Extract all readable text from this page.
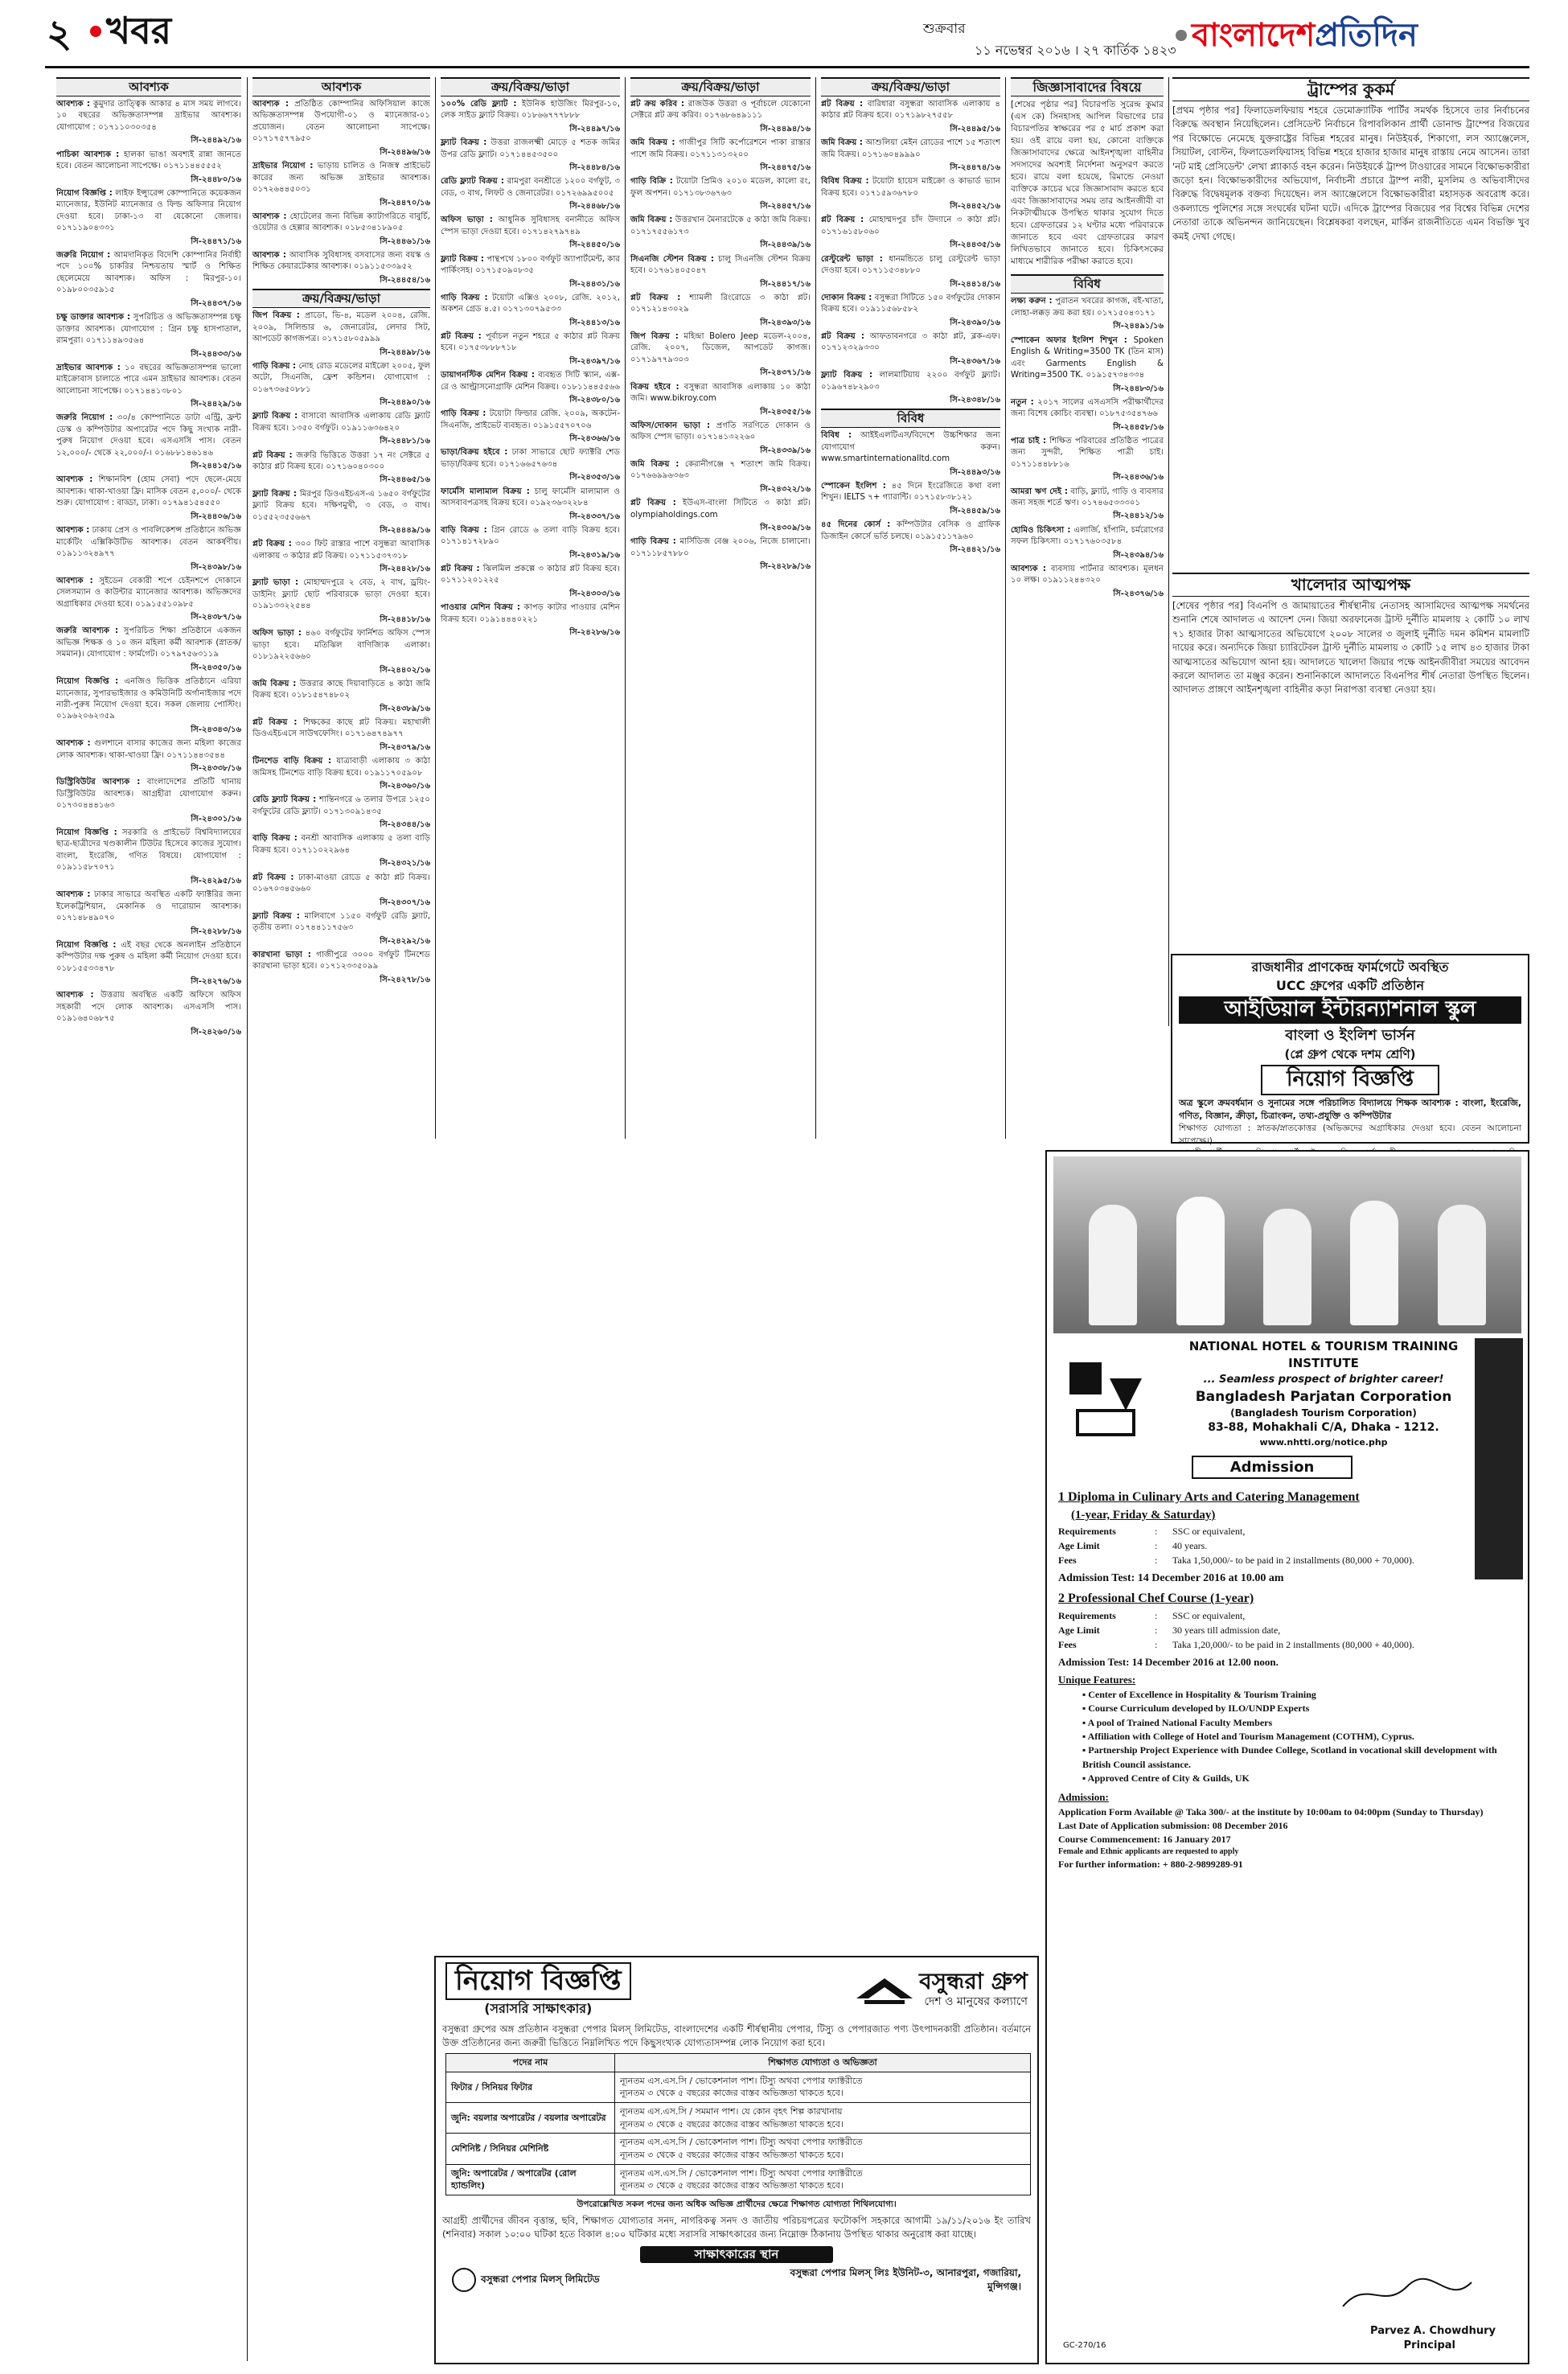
২ খবর	শুক্রবার
১১ নভেম্বর ২০১৬ । ২৭ কার্তিক ১৪২৩ বাংলাদেশপ্রতিদিন
আবশ্যক
আবশ্যক : কুমুদার তাত্ত্বিক আকার ৪ মাস সময় লাগবে। ১০ বছরের অভিজ্ঞতাসম্পন্ন দ্রাইভার আবশ্যক। যোগাযোগ : ০১৭১১০৩০৩৫৪
সি-২৪৪৯২/১৬
পাচিকা আবশ্যক : হালকা ভাঙা অবশ্যই রান্না জানতে হবে। বেতন আলোচনা সাপেক্ষে। ০১৭১১৪৪৫৫৫২
সি-২৪৪৮০/১৬
নিয়োগ বিজ্ঞপ্তি : লাইফ ইন্স্যুরেন্স কোম্পানিতে কয়েকজন ম্যানেজার, ইউনিট ম্যানেজার ও ফিল্ড অফিসার নিয়োগ দেওয়া হবে। ঢাকা-১৩ বা যেকোনো জেলায়। ০১৭১১৯০৪৩৩১
সি-২৪৪৭১/১৬
জরুরি নিয়োগ : আমদানিকৃত বিদেশি কোম্পানির নির্বাহী পদে ১০০% চাকরির নিশ্চয়তায় স্মার্ট ও শিক্ষিত ছেলেমেয়ে আবশ্যক। অফিস : মিরপুর-১০। ০১৯৮০০৩৫৯১৫
সি-২৪৪৩৭/১৬
চক্ষু ডাক্তার আবশ্যক : সুপরিচিত ও অভিজ্ঞতাসম্পন্ন চক্ষু ডাক্তার আবশ্যক। যোগাযোগ : গ্রিন চক্ষু হাসপাতাল, রামপুরা। ০১৭১১৪৯৩৫৬৪
সি-২৪৪৩৩/১৬
দ্রাইভার আবশ্যক : ১০ বছরের অভিজ্ঞতাসম্পন্ন ভালো মাইক্রোবাস চালাতে পারে এমন দ্রাইভার আবশ্যক। বেতন আলোচনা সাপেক্ষে। ০১৭১৪৪১৩৮০১
সি-২৪৪২৯/১৬
জরুরি নিয়োগ : ৩০/৪ কোম্পানিতে ডাটা এন্ট্রি, ফ্রন্ট ডেস্ক ও কম্পিউটার অপারেটর পদে কিছু সংখ্যক নারী-পুরুষ নিয়োগ দেওয়া হবে। এসএসসি পাস। বেতন ১২,০০০/- থেকে ২২,০০০/-। ০১৬৮৮১৪৬১৪৬
সি-২৪৪১৫/১৬
আবশ্যক : শিক্ষানবিশ (হোম সেবা) পদে ছেলে-মেয়ে আবশ্যক। থাকা-খাওয়া ফ্রি। মাসিক বেতন ৫,০০০/- থেকে শুরু। যোগাযোগ : বাড্ডা, ঢাকা। ০১৭৯৪১৫৪৫৫০
সি-২৪৪০৬/১৬
আবশ্যক : ঢাকায় প্রেস ও পাবলিকেশন্স প্রতিষ্ঠানে অভিজ্ঞ মার্কেটিং এক্সিকিউটিভ আবশ্যক। বেতন আকর্ষণীয়। ০১৯১১৩২৪৯৭৭
সি-২৪৩৯৮/১৬
আবশ্যক : সুইডেন বেকারী শপে চেইনশপে দোকানে সেলসম্যান ও কাউন্টার ম্যানেজার আবশ্যক। অভিজ্ঞদের অগ্রাধিকার দেওয়া হবে। ০১৯১৫৫১০৯৮৫
সি-২৪৩৮৭/১৬
জরুরি আবশ্যক : সুপরিচিত শিক্ষা প্রতিষ্ঠানে একজন অভিজ্ঞ শিক্ষক ও ১০ জন মহিলা কর্মী আবশ্যক (স্নাতক/সমমান)। যোগাযোগ : ফার্মগেট। ০১৭৯৭৫৬৩১১৯
সি-২৪৩৫০/১৬
নিয়োগ বিজ্ঞপ্তি : এনজিও ভিত্তিক প্রতিষ্ঠানে এরিয়া ম্যানেজার, সুপারভাইজার ও কমিউনিটি অর্গানাইজার পদে নারী-পুরুষ নিয়োগ দেওয়া হবে। সকল জেলায় পোস্টিং। ০১৯৬২০৬২৩৫৯
সি-২৪৩৪৩/১৬
আবশ্যক : গুলশানে বাসার কাজের জন্য মহিলা কাজের লোক আবশ্যক। থাকা-খাওয়া ফ্রি। ০১৭১১৪৪৩৫৪৪
সি-২৪৩৩৮/১৬
ডিস্ট্রিবিউটর আবশ্যক : বাংলাদেশের প্রতিটি থানায় ডিস্ট্রিবিউটর আবশ্যক। আগ্রহীরা যোগাযোগ করুন। ০১৭৩০৪৪৪১৬৩
সি-২৪৩০১/১৬
নিয়োগ বিজ্ঞপ্তি : সরকারি ও প্রাইভেট বিশ্ববিদ্যালয়ের ছাত্র-ছাত্রীদের খণ্ডকালীন টিউটর হিসেবে কাজের সুযোগ। বাংলা, ইংরেজি, গণিত বিষয়ে। যোগাযোগ : ০১৯১১৫৮৭০৭১
সি-২৪২৯৫/১৬
আবশ্যক : ঢাকার সাভারে অবস্থিত একটি ফ্যাক্টরির জন্য ইলেকট্রিশিয়ান, মেকানিক ও দারোয়ান আবশ্যক। ০১৭১৪৮৪৯০৭০
সি-২৪২৮৮/১৬
নিয়োগ বিজ্ঞপ্তি : এই বছর থেকে অনলাইন প্রতিষ্ঠানে কম্পিউটার দক্ষ পুরুষ ও মহিলা কর্মী নিয়োগ দেওয়া হবে। ০১৮১৫৫৩৩৪৭৮
সি-২৪২৭৬/১৬
আবশ্যক : উত্তরায় অবস্থিত একটি অফিসে অফিস সহকারী পদে লোক আবশ্যক। এসএসসি পাস। ০১৯১৬৪০৬৮৭৫
সি-২৪২৬০/১৬
আবশ্যক
আবশ্যক : প্রতিষ্ঠিত কোম্পানির অফিসিয়াল কাজে অভিজ্ঞতাসম্পন্ন উপযোগী-০১ ও ম্যানেজার-০১ প্রয়োজন। বেতন আলোচনা সাপেক্ষে। ০১৭১৭৫৭৭৯৫০
সি-২৪৪৯৬/১৬
দ্রাইভার নিয়োগ : ভাড়ায় চালিত ও নিজস্ব প্রাইভেট কারের জন্য অভিজ্ঞ দ্রাইভার আবশ্যক। ০১৭২৬৪৪৫০৩১
সি-২৪৪৭০/১৬
আবশ্যক : হোটেলের জন্য বিভিন্ন ক্যাটাগরিতে বাবুর্চি, ওয়েটার ও হেল্পার আবশ্যক। ০১৮৫৩৪১৮৯০৫
সি-২৪৪৬১/১৬
আবশ্যক : আবাসিক সুবিধাসহ বসবাসের জন্য বয়স্ক ও শিক্ষিত কেয়ারটেকার আবশ্যক। ০১৯১১৫৩৩৯৫২
সি-২৪৪৫৪/১৬
ক্রয়/বিক্রয়/ভাড়া
জিপ বিক্রয় : প্রাডো, ভি-৪, মডেল ২০০৪, রেজি. ২০০৯, সিলিন্ডার ৬, জেনারেটর, লেদার সিট, আপডেট কাগজপত্র। ০১৭১৫৮০৫৯৯৯
সি-২৪৪৯৮/১৬
গাড়ি বিক্রয় : নোহ রোড মডেলের মাইক্রো ২০০৫, ফুল অটো, সিএনজি, ফ্রেশ কন্ডিশন। যোগাযোগ : ০১৬৭৩৬৫০৮৮১
সি-২৪৪৯০/১৬
ফ্ল্যাট বিক্রয় : বাসাবো আবাসিক এলাকায় রেডি ফ্ল্যাট বিক্রয় হবে। ১৩৫০ বর্গফুট। ০১৯১১৬৩৬৪২০
সি-২৪৪৮১/১৬
প্লট বিক্রয় : জরুরি ভিত্তিতে উত্তরা ১৭ নং সেক্টরে ৫ কাঠার প্লট বিক্রয় হবে। ০১৭১৬০৪০৩০০
সি-২৪৪৬৫/১৬
ফ্ল্যাট বিক্রয় : মিরপুর ডিওএইচএস-এ ১৬৫০ বর্গফুটের ফ্ল্যাট বিক্রয় হবে। দক্ষিণমুখী, ৩ বেড, ৩ বাথ। ০১৫৫২৩৫৫৬৬৭
সি-২৪৪৪৯/১৬
প্লট বিক্রয় : ৩০০ ফিট রাস্তার পাশে বসুন্ধরা আবাসিক এলাকায় ৩ কাঠার প্লট বিক্রয়। ০১৭১১৫৩৭৩১৮
সি-২৪৪২৮/১৬
ফ্ল্যাট ভাড়া : মোহাম্মদপুরে ২ বেড, ২ বাথ, ড্রয়িং-ডাইনিং ফ্ল্যাট ছোট পরিবারকে ভাড়া দেওয়া হবে। ০১৯১৩৩২২৫৪৪
সি-২৪৪১৮/১৬
অফিস ভাড়া : ৪৬০ বর্গফুটের ফার্নিশড অফিস স্পেস ভাড়া হবে। মতিঝিল বাণিজ্যিক এলাকা। ০১৮১৯২২৫৬৬০
সি-২৪৪০২/১৬
জমি বিক্রয় : উত্তরার কাছে দিয়াবাড়িতে ৪ কাঠা জমি বিক্রয় হবে। ০১৮১৫৪৭৪৮০২
সি-২৪৩৮৯/১৬
প্লট বিক্রয় : শিক্ষকের কাছে প্লট বিক্রয়। মহাখালী ডিওএইচএসে সাউথফেসিং। ০১৭১৬৪৭৪৯৭৭
সি-২৪৩৭৯/১৬
টিনশেড বাড়ি বিক্রয় : যাত্রাবাড়ী এলাকায় ৩ কাঠা জমিসহ টিনশেড বাড়ি বিক্রয় হবে। ০১৯১১৭০৫৯০৮
সি-২৪৩৬০/১৬
রেডি ফ্ল্যাট বিক্রয় : শান্তিনগরে ৬ তলার উপরে ১২৫০ বর্গফুটের রেডি ফ্ল্যাট। ০১৭১৩০৯১৪৩৫
সি-২৪৩৪৪/১৬
বাড়ি বিক্রয় : বনশ্রী আবাসিক এলাকায় ৫ তলা বাড়ি বিক্রয় হবে। ০১৭১১০২২৯৬৪
সি-২৪৩২১/১৬
প্লট বিক্রয় : ঢাকা-মাওয়া রোডে ৫ কাঠা প্লট বিক্রয়। ০১৬৭০৩৪৫৬৬০
সি-২৪৩০৭/১৬
ফ্ল্যাট বিক্রয় : মালিবাগে ১১৫০ বর্গফুট রেডি ফ্ল্যাট, তৃতীয় তলা। ০১৭৪৪১১৭৫৬৩
সি-২৪২৯২/১৬
কারখানা ভাড়া : গাজীপুরে ৩০০০ বর্গফুট টিনশেড কারখানা ভাড়া হবে। ০১৭১২৩৩৫০৯৯
সি-২৪২৭৮/১৬
ক্রয়/বিক্রয়/ভাড়া
১০০% রেডি ফ্ল্যাট : ইউনিক হাউজিং মিরপুর-১০, লেক সাইড ফ্ল্যাট বিক্রয়। ০১৮৬৬৭৭৭৮৮৮
সি-২৪৪৯৭/১৬
ফ্ল্যাট বিক্রয় : উত্তরা রাজলক্ষ্মী মোড়ে ৫ শতক জমির উপর রেডি ফ্ল্যাট। ০১৭১৪৪৫৩৫০০
সি-২৪৪৮৪/১৬
রেডি ফ্ল্যাট বিক্রয় : রামপুরা বনশ্রীতে ১২০০ বর্গফুট, ৩ বেড, ৩ বাথ, লিফট ও জেনারেটর। ০১৭২৬৯৯৫০০৫
সি-২৪৪৬৮/১৬
অফিস ভাড়া : আধুনিক সুবিধাসহ বনানীতে অফিস স্পেস ভাড়া দেওয়া হবে। ০১৭১৪২৭৯৭৪৯
সি-২৪৪৫০/১৬
ফ্ল্যাট বিক্রয় : পান্থপথে ১৮০০ বর্গফুট অ্যাপার্টমেন্ট, কার পার্কিংসহ। ০১৭১৫০৯০৮৩৫
সি-২৪৪৩১/১৬
গাড়ি বিক্রয় : টয়োটা এক্সিও ২০০৮, রেজি. ২০১২, অকশন গ্রেড ৪.৫। ০১৭১৩০৭৯৫৩৩
সি-২৪৪১৩/১৬
প্লট বিক্রয় : পূর্বাচল নতুন শহরে ৫ কাঠার প্লট বিক্রয় হবে। ০১৭৫৩৮৮৮৭১৮
সি-২৪৩৯৭/১৬
ডায়াগনস্টিক মেশিন বিক্রয় : ব্যবহৃত সিটি স্ক্যান, এক্স-রে ও আল্ট্রাসনোগ্রাফি মেশিন বিক্রয়। ০১৮১১৪৪৫৫৬৬
সি-২৪৩৮০/১৬
গাড়ি বিক্রয় : টয়োটা ফিল্ডার রেজি. ২০০৯, অকটেন-সিএনজি, প্রাইভেট ব্যবহৃত। ০১৯১৫৫৭০৭০৬
সি-২৪৩৬৬/১৬
ভাড়া/বিক্রয় হইবে : ঢাকা সাভারে ছোট ফ্যাক্টরি শেড ভাড়া/বিক্রয় হবে। ০১৭১৬৬৫৭৬৩৪
সি-২৪৩৫৩/১৬
ফার্মেসি মালামাল বিক্রয় : চালু ফার্মেসি মালামাল ও আসবাবপত্রসহ বিক্রয় হবে। ০১৯২৩৬৩২২৮৪
সি-২৪৩৩৭/১৬
বাড়ি বিক্রয় : গ্রিন রোডে ৬ তলা বাড়ি বিক্রয় হবে। ০১৭১৪১৭২৮৯০
সি-২৪৩১৯/১৬
প্লট বিক্রয় : ঝিলমিল প্রকল্পে ৩ কাঠার প্লট বিক্রয় হবে। ০১৭১১২০১২২৫
সি-২৪৩০৩/১৬
পাওয়ার মেশিন বিক্রয় : কাপড় কাটার পাওয়ার মেশিন বিক্রয় হবে। ০১৯১৪৪৪০২২১
সি-২৪২৮৬/১৬
ক্রয়/বিক্রয়/ভাড়া
প্লট ক্রয় করিব : রাজউক উত্তরা ও পূর্বাচলে যেকোনো সেক্টরে প্লট ক্রয় করিব। ০১৭৬৮৬৪৯১১১
সি-২৪৪৯৪/১৬
জমি বিক্রয় : গাজীপুর সিটি কর্পোরেশনে পাকা রাস্তার পাশে জমি বিক্রয়। ০১৭১১৩১৩২০০
সি-২৪৪৭৫/১৬
গাড়ি বিক্রি : টয়োটা প্রিমিও ২০১০ মডেল, কালো রং, ফুল অপশন। ০১৭১৩৮৩৬৭৬৩
সি-২৪৪৫৭/১৬
জমি বিক্রয় : উত্তরখান মৈনারটেকে ৫ কাঠা জমি বিক্রয়। ০১৭১৭৫৫৬১৭৩
সি-২৪৪৩৯/১৬
সিএনজি স্টেশন বিক্রয় : চালু সিএনজি স্টেশন বিক্রয় হবে। ০১৭৬১৪০৫০৪৭
সি-২৪৪১৭/১৬
প্লট বিক্রয় : শ্যামলী রিংরোডে ৩ কাঠা প্লট। ০১৭১২১৪৩০২৯
সি-২৪৩৯৩/১৬
জিপ বিক্রয় : মহিন্দ্রা Bolero Jeep মডেল-২০০৪, রেজি. ২০০৭, ডিজেল, আপডেট কাগজ। ০১৭১৯৭৭৯৩০৩
সি-২৪৩৭১/১৬
বিক্রয় হইবে : বসুন্ধরা আবাসিক এলাকায় ১০ কাঠা জমি। www.bikroy.com
সি-২৪৩৫৫/১৬
অফিস/দোকান ভাড়া : প্রগতি সরণিতে দোকান ও অফিস স্পেস ভাড়া। ০১৭১৪১৩২২৬০
সি-২৪৩৩৯/১৬
জমি বিক্রয় : কেরানীগঞ্জে ৭ শতাংশ জমি বিক্রয়। ০১৭৬৬৯৯৬৩৬৩
সি-২৪৩২২/১৬
প্লট বিক্রয় : ইউএস-বাংলা সিটিতে ৩ কাঠা প্লট। olympiaholdings.com
সি-২৪৩০৯/১৬
গাড়ি বিক্রয় : মার্সিডিজ বেঞ্জ ২০০৬, নিজে চালানো। ০১৭১১৮৫৭৮৮০
সি-২৪২৮৯/১৬
ক্রয়/বিক্রয়/ভাড়া
প্লট বিক্রয় : বারিধারা বসুন্ধরা আবাসিক এলাকায় ৪ কাঠার প্লট বিক্রয় হবে। ০১৭১৯৮২৭৫৫৮
সি-২৪৪৯৫/১৬
জমি বিক্রয় : আশুলিয়া মেইন রোডের পাশে ১৫ শতাংশ জমি বিক্রয়। ০১৭১৬০৪৯৯৯০
সি-২৪৪৭৪/১৬
বিবিধ বিক্রয় : টয়োটা হায়েস মাইক্রো ও কাভার্ড ভ্যান বিক্রয় হবে। ০১৭১৫৯৩৬৭৮০
সি-২৪৪৫২/১৬
প্লট বিক্রয় : মোহাম্মদপুর চাঁদ উদ্যানে ৩ কাঠা প্লট। ০১৭১৬১৫৮০৬০
সি-২৪৪৩৫/১৬
রেস্টুরেন্ট ভাড়া : ধানমন্ডিতে চালু রেস্টুরেন্ট ভাড়া দেওয়া হবে। ০১৭১১৫৩৪৮৮০
সি-২৪৪১৪/১৬
দোকান বিক্রয় : বসুন্ধরা সিটিতে ১৫০ বর্গফুটের দোকান বিক্রয় হবে। ০১৯১১৫৬৮৫৮২
সি-২৪৩৯০/১৬
প্লট বিক্রয় : আফতাবনগরে ৩ কাঠা প্লট, ব্লক-এফ। ০১৭১২৩২৯৩৩০
সি-২৪৩৬৭/১৬
ফ্ল্যাট বিক্রয় : লালমাটিয়ায় ২২০০ বর্গফুট ফ্ল্যাট। ০১৯৬৭৪৮২৯০৩
সি-২৪৩৪৮/১৬
বিবিধ
বিবিধ : আইইএলটিএস/বিদেশে উচ্চশিক্ষার জন্য যোগাযোগ করুন। www.smartinternationalltd.com
সি-২৪৪৯৩/১৬
স্পোকেন ইংলিশ : ৪৫ দিনে ইংরেজিতে কথা বলা শিখুন। IELTS ৭+ গ্যারান্টি। ০১৭১৫৮৩৮১২১
সি-২৪৪৫৯/১৬
৪৫ দিনের কোর্স : কম্পিউটার বেসিক ও গ্রাফিক ডিজাইন কোর্সে ভর্তি চলছে। ০১৯১৫১১৭৯৬০
সি-২৪৪২১/১৬
জিজ্ঞাসাবাদের বিষয়ে
[শেষের পৃষ্ঠার পর] বিচারপতি সুরেন্দ্র কুমার (এস কে) সিনহাসহ আপিল বিভাগের চার বিচারপতির স্বাক্ষরের পর ৫ মার্চ প্রকাশ করা হয়। ওই রায়ে বলা হয়, কোনো ব্যক্তিকে জিজ্ঞাসাবাদের ক্ষেত্রে আইনশৃঙ্খলা বাহিনীর সদস্যদের অবশ্যই নির্দেশনা অনুসরণ করতে হবে। রায়ে বলা হয়েছে, রিমান্ডে নেওয়া ব্যক্তিকে কাচের ঘরে জিজ্ঞাসাবাদ করতে হবে এবং জিজ্ঞাসাবাদের সময় তার আইনজীবী বা নিকটাত্মীয়কে উপস্থিত থাকার সুযোগ দিতে হবে। গ্রেফতারের ১২ ঘণ্টার মধ্যে পরিবারকে জানাতে হবে এবং গ্রেফতারের কারণ লিখিতভাবে জানাতে হবে। চিকিৎসকের মাধ্যমে শারীরিক পরীক্ষা করাতে হবে।
বিবিধ
লক্ষ্য করুন : পুরাতন খবরের কাগজ, বই-খাতা, লোহা-লক্কড় ক্রয় করা হয়। ০১৭১৫০৪৩১৭১
সি-২৪৪৯১/১৬
স্পোকেন অফার ইংলিশ শিখুন : Spoken English & Writing=3500 TK (তিন মাস) এবং Garments English & Writing=3500 TK. ০১৯১৫৭৩৪৩৩৪
সি-২৪৪৮৩/১৬
নতুন : ২০১৭ সালের এসএসসি পরীক্ষার্থীদের জন্য বিশেষ কোচিং ব্যবস্থা। ০১৮৭৫৩৫৪৭৬৬
সি-২৪৪৫৮/১৬
পাত্র চাই : শিক্ষিত পরিবারের প্রতিষ্ঠিত পাত্রের জন্য সুন্দরী, শিক্ষিত পাত্রী চাই। ০১৭১১৪৪৮৮১৬
সি-২৪৪৩৬/১৬
আমরা ঋণ দেই : বাড়ি, ফ্ল্যাট, গাড়ি ও ব্যবসার জন্য সহজ শর্তে ঋণ। ০১৭৪৬৫৩৩৩০১
সি-২৪৪১২/১৬
হোমিও চিকিৎসা : এলার্জি, হাঁপানি, চর্মরোগের সফল চিকিৎসা। ০১৭১৭৬০৩৫৮৪
সি-২৪৩৯৪/১৬
আবশ্যক : ব্যবসায় পার্টনার আবশ্যক। মূলধন ১০ লক্ষ। ০১৯১১২৪৪৩২০
সি-২৪৩৭৬/১৬
ট্রাম্পের কুকর্ম
[প্রথম পৃষ্ঠার পর] ফিলাডেলফিয়ায় শহরে ডেমোক্র্যাটিক পার্টির সমর্থক হিসেবে তার নির্বাচনের বিরুদ্ধে অবস্থান নিয়েছিলেন। প্রেসিডেন্ট নির্বাচনে রিপাবলিকান প্রার্থী ডোনাল্ড ট্রাম্পের বিজয়ের পর বিক্ষোভে নেমেছে যুক্তরাষ্ট্রের বিভিন্ন শহরের মানুষ। নিউইয়র্ক, শিকাগো, লস অ্যাঞ্জেলেস, সিয়াটল, বোস্টন, ফিলাডেলফিয়াসহ বিভিন্ন শহরে হাজার হাজার মানুষ রাস্তায় নেমে আসেন। তারা 'নট মাই প্রেসিডেন্ট' লেখা প্ল্যাকার্ড বহন করেন। নিউইয়র্কে ট্রাম্প টাওয়ারের সামনে বিক্ষোভকারীরা জড়ো হন। বিক্ষোভকারীদের অভিযোগ, নির্বাচনী প্রচারে ট্রাম্প নারী, মুসলিম ও অভিবাসীদের বিরুদ্ধে বিদ্বেষমূলক বক্তব্য দিয়েছেন। লস অ্যাঞ্জেলেসে বিক্ষোভকারীরা মহাসড়ক অবরোধ করে। ওকল্যান্ডে পুলিশের সঙ্গে সংঘর্ষের ঘটনা ঘটে। এদিকে ট্রাম্পের বিজয়ের পর বিশ্বের বিভিন্ন দেশের নেতারা তাকে অভিনন্দন জানিয়েছেন। বিশ্লেষকরা বলছেন, মার্কিন রাজনীতিতে এমন বিভক্তি খুব কমই দেখা গেছে।
খালেদার আত্মপক্ষ
[শেষের পৃষ্ঠার পর] বিএনপি ও জামায়াতের শীর্ষস্থানীয় নেতাসহ আসামিদের আত্মপক্ষ সমর্থনের শুনানি শেষে আদালত এ আদেশ দেন। জিয়া অরফানেজ ট্রাস্ট দুর্নীতি মামলায় ২ কোটি ১০ লাখ ৭১ হাজার টাকা আত্মসাতের অভিযোগে ২০০৮ সালের ৩ জুলাই দুর্নীতি দমন কমিশন মামলাটি দায়ের করে। অন্যদিকে জিয়া চ্যারিটেবল ট্রাস্ট দুর্নীতি মামলায় ৩ কোটি ১৫ লাখ ৪৩ হাজার টাকা আত্মসাতের অভিযোগ আনা হয়। আদালতে খালেদা জিয়ার পক্ষে আইনজীবীরা সময়ের আবেদন করলে আদালত তা মঞ্জুর করেন। শুনানিকালে আদালতে বিএনপির শীর্ষ নেতারা উপস্থিত ছিলেন। আদালত প্রাঙ্গণে আইনশৃঙ্খলা বাহিনীর কড়া নিরাপত্তা ব্যবস্থা নেওয়া হয়।
রাজধানীর প্রাণকেন্দ্র ফার্মগেটে অবস্থিত
UCC গ্রুপের একটি প্রতিষ্ঠান
আইডিয়াল ইন্টারন্যাশনাল স্কুল
বাংলা ও ইংলিশ ভার্সন
(প্লে গ্রুপ থেকে দশম শ্রেণি)
নিয়োগ বিজ্ঞপ্তি
অত্র স্কুলে ক্রমবর্ধমান ও সুনামের সঙ্গে পরিচালিত বিদ্যালয়ে শিক্ষক আবশ্যক : বাংলা, ইংরেজি, গণিত, বিজ্ঞান, ক্রীড়া, চিত্রাংকন, তথ্য-প্রযুক্তি ও কম্পিউটার
শিক্ষাগত যোগ্যতা : স্নাতক/স্নাতকোত্তর (অভিজ্ঞদের অগ্রাধিকার দেওয়া হবে। বেতন আলোচনা সাপেক্ষে।)
NATIONAL HOTEL & TOURISM TRAINING INSTITUTE
... Seamless prospect of brighter career!
Bangladesh Parjatan Corporation
(Bangladesh Tourism Corporation)
83-88, Mohakhali C/A, Dhaka - 1212.
www.nhtti.org/notice.php
Admission
1 Diploma in Culinary Arts and Catering Management
(1-year, Friday & Saturday)
Requirements	:	SSC or equivalent,
Age Limit	:	40 years.
Fees	:	Taka 1,50,000/- to be paid in 2 installments (80,000 + 70,000).
Admission Test: 14 December 2016 at 10.00 am
2 Professional Chef Course (1-year)
Requirements	:	SSC or equivalent,
Age Limit	:	30 years till admission date,
Fees	:	Taka 1,20,000/- to be paid in 2 installments (80,000 + 40,000).
Admission Test: 14 December 2016 at 12.00 noon.
Unique Features:
▪ Center of Excellence in Hospitality & Tourism Training
▪ Course Curriculum developed by ILO/UNDP Experts
▪ A pool of Trained National Faculty Members
▪ Affiliation with College of Hotel and Tourism Management (COTHM), Cyprus.
▪ Partnership Project Experience with Dundee College, Scotland in vocational skill development with British Council assistance.
▪ Approved Centre of City & Guilds, UK
Admission:
Application Form Available @ Taka 300/- at the institute by 10:00am to 04:00pm (Sunday to Thursday)
Last Date of Application submission: 08 December 2016
Course Commencement: 16 January 2017
Female and Ethnic applicants are requested to apply
For further information: + 880-2-9899289-91
GC-270/16
Parvez A. Chowdhury
Principal
নিয়োগ বিজ্ঞপ্তি
(সরাসরি সাক্ষাৎকার)
বসুন্ধরা গ্রুপ
দেশ ও মানুষের কল্যাণে
বসুন্ধরা গ্রুপের অঙ্গ প্রতিষ্ঠান বসুন্ধরা পেপার মিলস্ লিমিটেড, বাংলাদেশের একটি শীর্ষস্থানীয় পেপার, টিস্যু ও পেপারজাত পণ্য উৎপাদনকারী প্রতিষ্ঠান। বর্তমানে উক্ত প্রতিষ্ঠানের জন্য জরুরী ভিত্তিতে নিম্নলিখিত পদে কিছুসংখ্যক যোগ্যতাসম্পন্ন লোক নিয়োগ করা হবে।
পদের নাম	শিক্ষাগত যোগ্যতা ও অভিজ্ঞতা
ফিটার / সিনিয়র ফিটার	ন্যূনতম এস.এস.সি / ভোকেশনাল পাশ। টিস্যু অথবা পেপার ফ্যাক্টরীতে
ন্যূনতম ৩ থেকে ৫ বছরের কাজের বাস্তব অভিজ্ঞতা থাকতে হবে।

জুনি: বয়লার অপারেটর / বয়লার অপারেটর	ন্যূনতম এস.এস.সি / সমমান পাশ। যে কোন বৃহৎ শিল্প কারখানায়
ন্যূনতম ৩ থেকে ৫ বছরের কাজের বাস্তব অভিজ্ঞতা থাকতে হবে।

মেশিনিষ্ট / সিনিয়র মেশিনিষ্ট	ন্যূনতম এস.এস.সি / ভোকেশনাল পাশ। টিস্যু অথবা পেপার ফ্যাক্টরীতে
ন্যূনতম ৩ থেকে ৫ বছরের কাজের বাস্তব অভিজ্ঞতা থাকতে হবে।

জুনি: অপারেটর / অপারেটর (রোল হ্যান্ডলিং)	ন্যূনতম এস.এস.সি / ভোকেশনাল পাশ। টিস্যু অথবা পেপার ফ্যাক্টরীতে
ন্যূনতম ৩ থেকে ৫ বছরের কাজের বাস্তব অভিজ্ঞতা থাকতে হবে।
উপরোল্লেখিত সকল পদের জন্য অধিক অভিজ্ঞ প্রার্থীদের ক্ষেত্রে শিক্ষাগত যোগ্যতা শিথিলযোগ্য।
আগ্রহী প্রার্থীদের জীবন বৃত্তান্ত, ছবি, শিক্ষাগত যোগ্যতার সনদ, নাগরিকত্ব সনদ ও জাতীয় পরিচয়পত্রের ফটোকপি সহকারে আগামী ১৯/১১/২০১৬ ইং তারিখ (শনিবার) সকাল ১০:০০ ঘটিকা হতে বিকাল ৪:০০ ঘটিকার মধ্যে সরাসরি সাক্ষাৎকারের জন্য নিম্নোক্ত ঠিকানায় উপস্থিত থাকার অনুরোধ করা যাচ্ছে।
সাক্ষাৎকারের স্থান
বসুন্ধরা পেপার মিলস্ লিমিটেড
বসুন্ধরা পেপার মিলস্ লিঃ ইউনিট-৩, আনারপুরা, গজারিয়া, মুন্সিগঞ্জ।
